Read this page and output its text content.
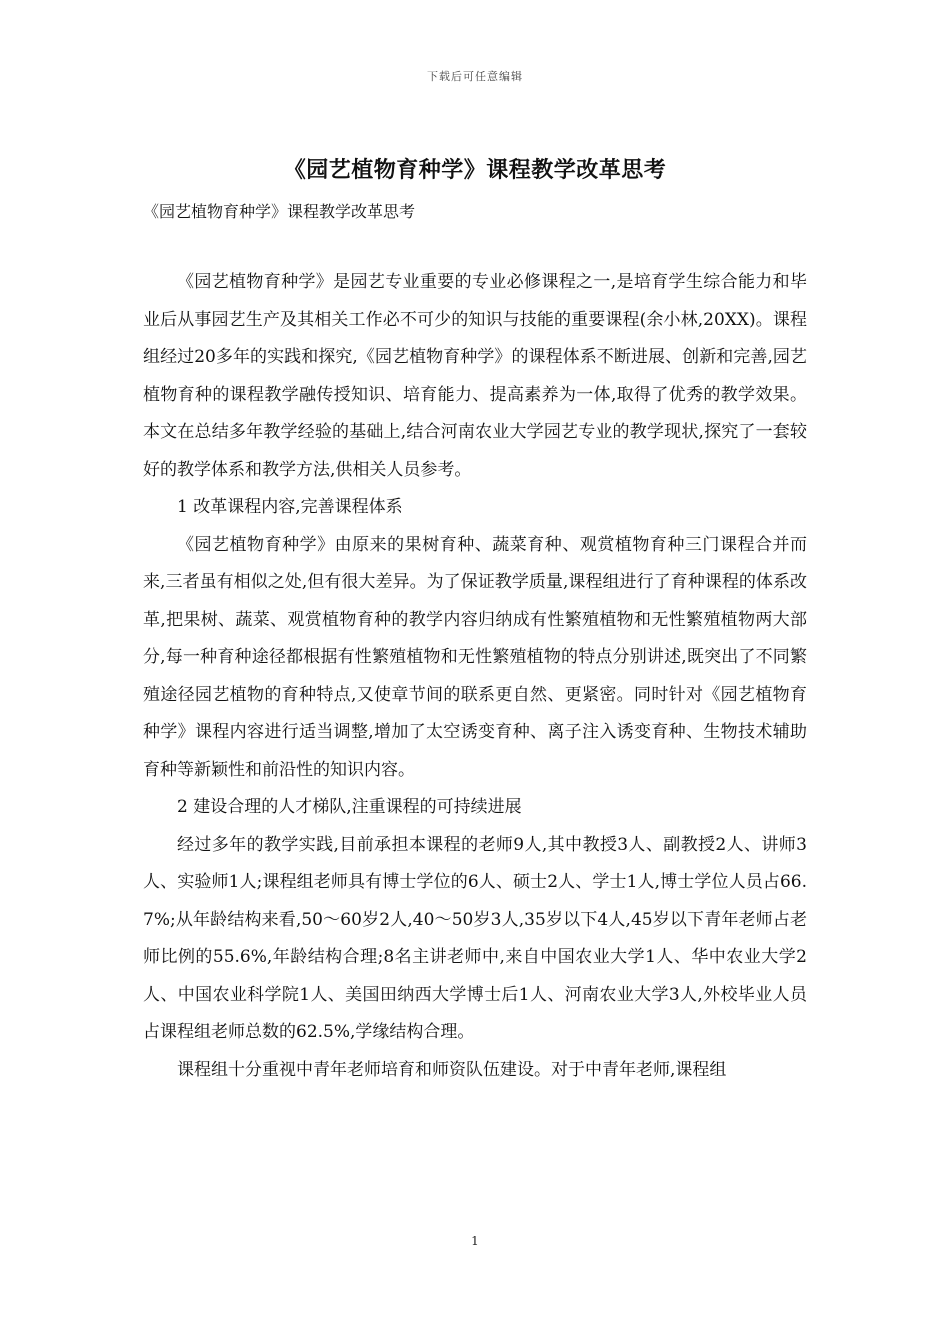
下载后可任意编辑
《园艺植物育种学》课程教学改革思考

《园艺植物育种学》课程教学改革思考

《园艺植物育种学》是园艺专业重要的专业必修课程之一,是培育学生综合能力和毕业后从事园艺生产及其相关工作必不可少的知识与技能的重要课程(余小林,20XX)。课程组经过20多年的实践和探究,《园艺植物育种学》的课程体系不断进展、创新和完善,园艺植物育种的课程教学融传授知识、培育能力、提高素养为一体,取得了优秀的教学效果。本文在总结多年教学经验的基础上,结合河南农业大学园艺专业的教学现状,探究了一套较好的教学体系和教学方法,供相关人员参考。

1 改革课程内容,完善课程体系

《园艺植物育种学》由原来的果树育种、蔬菜育种、观赏植物育种三门课程合并而来,三者虽有相似之处,但有很大差异。为了保证教学质量,课程组进行了育种课程的体系改革,把果树、蔬菜、观赏植物育种的教学内容归纳成有性繁殖植物和无性繁殖植物两大部分,每一种育种途径都根据有性繁殖植物和无性繁殖植物的特点分别讲述,既突出了不同繁殖途径园艺植物的育种特点,又使章节间的联系更自然、更紧密。同时针对《园艺植物育种学》课程内容进行适当调整,增加了太空诱变育种、离子注入诱变育种、生物技术辅助育种等新颖性和前沿性的知识内容。

2 建设合理的人才梯队,注重课程的可持续进展

经过多年的教学实践,目前承担本课程的老师9人,其中教授3人、副教授2人、讲师3人、实验师1人;课程组老师具有博士学位的6人、硕士2人、学士1人,博士学位人员占66.7%;从年龄结构来看,50～60岁2人,40～50岁3人,35岁以下4人,45岁以下青年老师占老师比例的55.6%,年龄结构合理;8名主讲老师中,来自中国农业大学1人、华中农业大学2人、中国农业科学院1人、美国田纳西大学博士后1人、河南农业大学3人,外校毕业人员占课程组老师总数的62.5%,学缘结构合理。

课程组十分重视中青年老师培育和师资队伍建设。对于中青年老师,课程组

1
